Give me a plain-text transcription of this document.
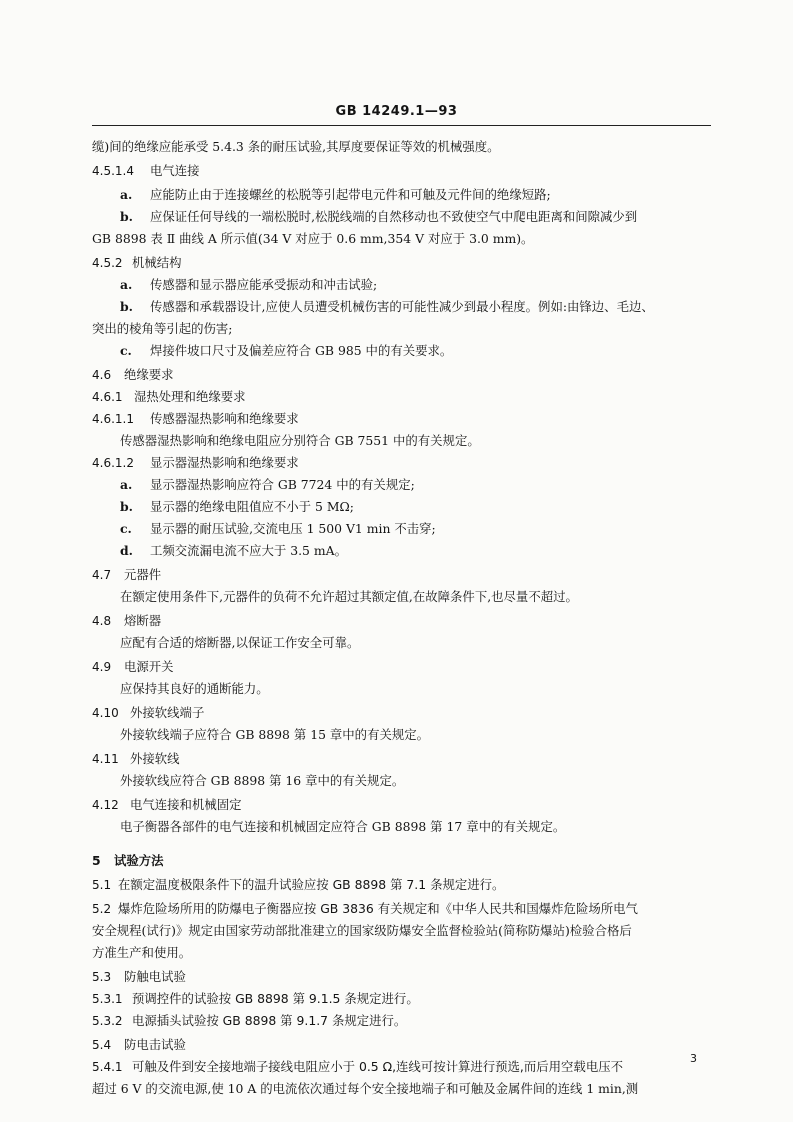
GB 14249.1—93
缆)间的绝缘应能承受 5.4.3 条的耐压试验,其厚度要保证等效的机械强度。
4.5.1.4 电气连接
a. 应能防止由于连接螺丝的松脱等引起带电元件和可触及元件间的绝缘短路;
b. 应保证任何导线的一端松脱时,松脱线端的自然移动也不致使空气中爬电距离和间隙减少到
GB 8898 表 Ⅱ 曲线 A 所示值(34 V 对应于 0.6 mm,354 V 对应于 3.0 mm)。
4.5.2 机械结构
a. 传感器和显示器应能承受振动和冲击试验;
b. 传感器和承载器设计,应使人员遭受机械伤害的可能性减少到最小程度。例如:由锋边、毛边、
突出的棱角等引起的伤害;
c. 焊接件坡口尺寸及偏差应符合 GB 985 中的有关要求。
4.6 绝缘要求
4.6.1 湿热处理和绝缘要求
4.6.1.1 传感器湿热影响和绝缘要求
传感器湿热影响和绝缘电阻应分别符合 GB 7551 中的有关规定。
4.6.1.2 显示器湿热影响和绝缘要求
a. 显示器湿热影响应符合 GB 7724 中的有关规定;
b. 显示器的绝缘电阻值应不小于 5 MΩ;
c. 显示器的耐压试验,交流电压 1 500 V1 min 不击穿;
d. 工频交流漏电流不应大于 3.5 mA。
4.7 元器件
在额定使用条件下,元器件的负荷不允许超过其额定值,在故障条件下,也尽量不超过。
4.8 熔断器
应配有合适的熔断器,以保证工作安全可靠。
4.9 电源开关
应保持其良好的通断能力。
4.10 外接软线端子
外接软线端子应符合 GB 8898 第 15 章中的有关规定。
4.11 外接软线
外接软线应符合 GB 8898 第 16 章中的有关规定。
4.12 电气连接和机械固定
电子衡器各部件的电气连接和机械固定应符合 GB 8898 第 17 章中的有关规定。
5 试验方法
5.1 在额定温度极限条件下的温升试验应按 GB 8898 第 7.1 条规定进行。
5.2 爆炸危险场所用的防爆电子衡器应按 GB 3836 有关规定和《中华人民共和国爆炸危险场所电气
安全规程(试行)》规定由国家劳动部批准建立的国家级防爆安全监督检验站(简称防爆站)检验合格后
方准生产和使用。
5.3 防触电试验
5.3.1 预调控件的试验按 GB 8898 第 9.1.5 条规定进行。
5.3.2 电源插头试验按 GB 8898 第 9.1.7 条规定进行。
5.4 防电击试验
5.4.1 可触及件到安全接地端子接线电阻应小于 0.5 Ω,连线可按计算进行预选,而后用空载电压不
超过 6 V 的交流电源,使 10 A 的电流依次通过每个安全接地端子和可触及金属件间的连线 1 min,测
3
